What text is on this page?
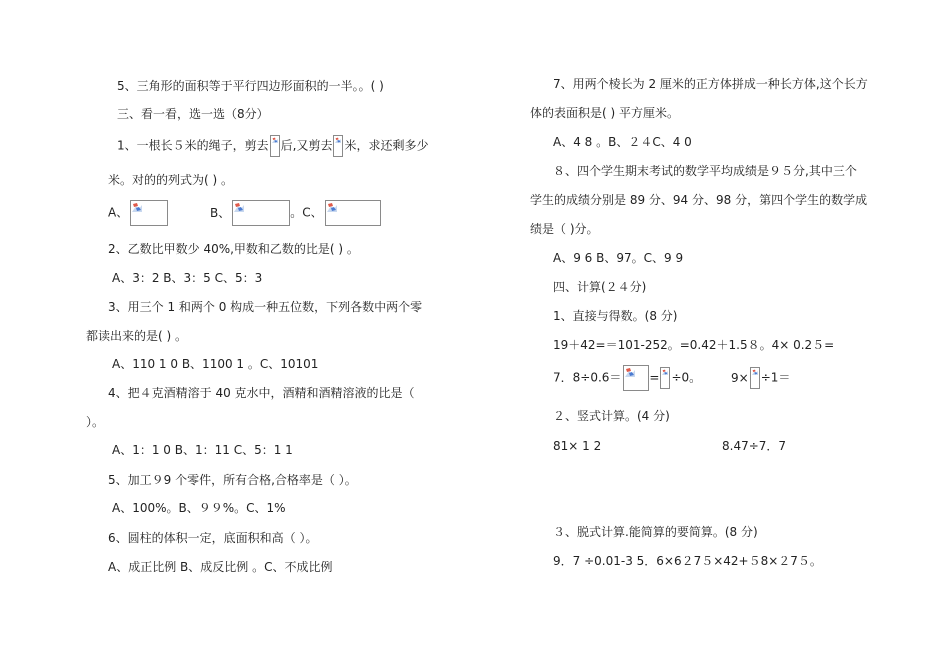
5、三角形的面积等于平行四边形面积的一半。。( )
三、看一看，选一选（8分）
1、一根长５米的绳子，剪去 后,又剪去 米，求还剩多少
米。对的的列式为( ) 。
A、	B、	。C、
2、乙数比甲数少 40%,甲数和乙数的比是( ) 。
A、3：2 B、3：5 C、5：3
3、用三个 1 和两个 0 构成一种五位数，下列各数中两个零
都读出来的是( ) 。
A、110 1 0 B、1100 1 。C、10101
4、把４克酒精溶于 40 克水中，酒精和酒精溶液的比是（
）。
A、1：1 0 B、1：11 C、5：1 1
5、加工９9 个零件，所有合格,合格率是（ ）。
A、100%。B、９９%。C、1%
6、圆柱的体积一定，底面积和高（ ）。
A、成正比例 B、成反比例 。C、不成比例
7、用两个棱长为 2 厘米的正方体拼成一种长方体,这个长方
体的表面积是( ) 平方厘米。
A、4 8 。B、２４C、4 0
８、四个学生期末考试的数学平均成绩是９５分,其中三个
学生的成绩分别是 89 分、94 分、98 分，第四个学生的数学成
绩是（ )分。
A、9 6 B、97。C、9 9
四、计算(２４分)
1、直接与得数。(8 分)
19＋42=＝101-252。=0.42＋1.5８。4× 0.2５=
7．8÷0.6＝ = ÷0。 9× ÷1＝
２、竖式计算。(4 分)
81× 1 2	8.47÷7．7
３、脱式计算.能简算的要简算。(8 分)
9．7 ÷0.01-3 5．6×6２7５×42+５8×２7５。
